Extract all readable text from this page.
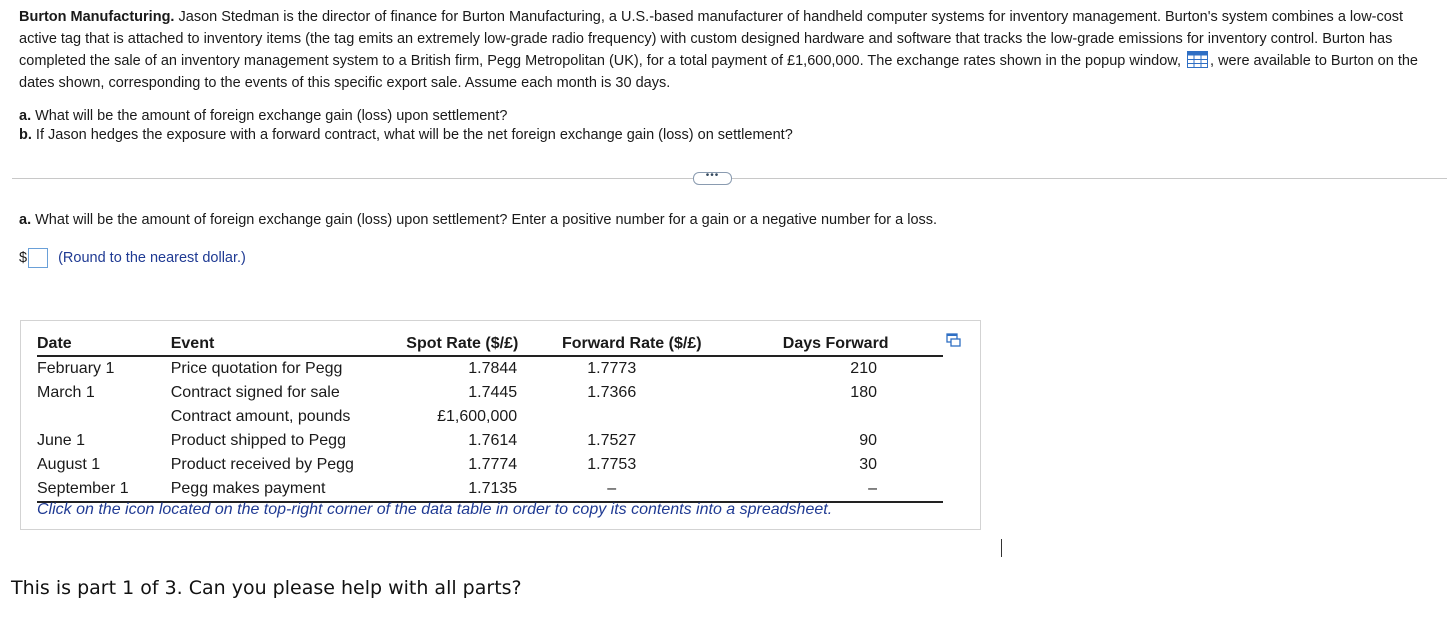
Burton Manufacturing. Jason Stedman is the director of finance for Burton Manufacturing, a U.S.-based manufacturer of handheld computer systems for inventory management. Burton's system combines a low-cost active tag that is attached to inventory items (the tag emits an extremely low-grade radio frequency) with custom designed hardware and software that tracks the low-grade emissions for inventory control. Burton has completed the sale of an inventory management system to a British firm, Pegg Metropolitan (UK), for a total payment of £1,600,000. The exchange rates shown in the popup window, , were available to Burton on the dates shown, corresponding to the events of this specific export sale. Assume each month is 30 days.
a. What will be the amount of foreign exchange gain (loss) upon settlement?
b. If Jason hedges the exposure with a forward contract, what will be the net foreign exchange gain (loss) on settlement?
•••
a. What will be the amount of foreign exchange gain (loss) upon settlement? Enter a positive number for a gain or a negative number for a loss.
$ (Round to the nearest dollar.)
Date	Event	Spot Rate ($/£)	Forward Rate ($/£)	Days Forward
February 1	Price quotation for Pegg	1.7844	1.7773	210
March 1	Contract signed for sale	1.7445	1.7366	180
	Contract amount, pounds	£1,600,000		
June 1	Product shipped to Pegg	1.7614	1.7527	90
August 1	Product received by Pegg	1.7774	1.7753	30
September 1	Pegg makes payment	1.7135	–	–
Click on the icon located on the top-right corner of the data table in order to copy its contents into a spreadsheet.
This is part 1 of 3. Can you please help with all parts?
